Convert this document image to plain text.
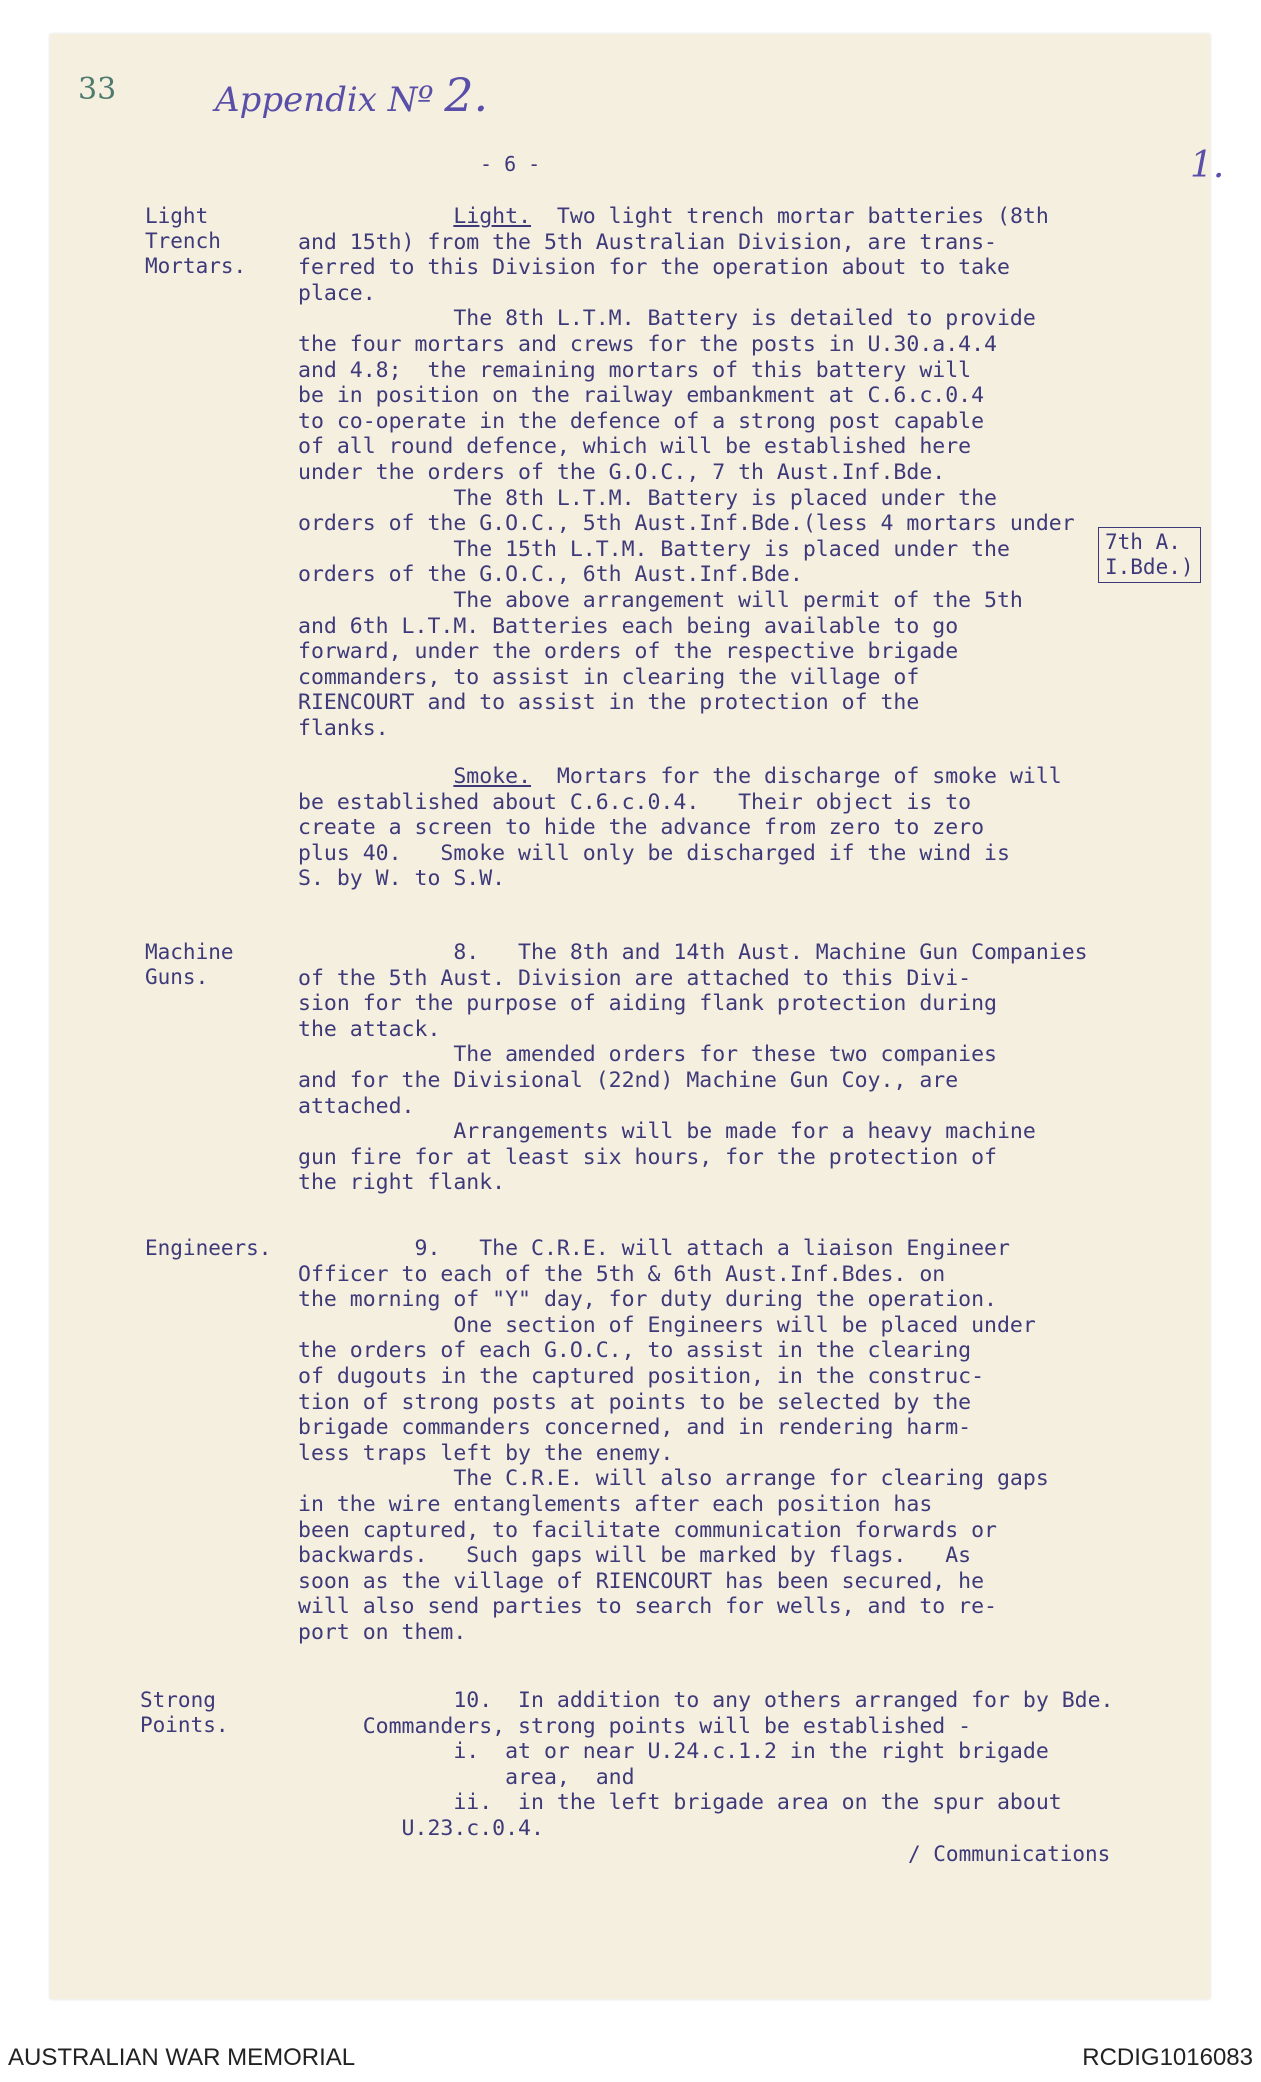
33	Appendix Nº 2.
1.
- 6 -
Light
Trench
Mortars.
Light.  Two light trench mortar batteries (8th
and 15th) from the 5th Australian Division, are trans-
ferred to this Division for the operation about to take
place.
The 8th L.T.M. Battery is detailed to provide
the four mortars and crews for the posts in U.30.a.4.4
and 4.8;  the remaining mortars of this battery will
be in position on the railway embankment at C.6.c.0.4
to co-operate in the defence of a strong post capable
of all round defence, which will be established here
under the orders of the G.O.C., 7 th Aust.Inf.Bde.
The 8th L.T.M. Battery is placed under the
orders of the G.O.C., 5th Aust.Inf.Bde.(less 4 mortars under
The 15th L.T.M. Battery is placed under the
orders of the G.O.C., 6th Aust.Inf.Bde.
The above arrangement will permit of the 5th
and 6th L.T.M. Batteries each being available to go
forward, under the orders of the respective brigade
commanders, to assist in clearing the village of
RIENCOURT and to assist in the protection of the
flanks.
7th A.
I.Bde.)
Smoke.  Mortars for the discharge of smoke will
be established about C.6.c.0.4.   Their object is to
create a screen to hide the advance from zero to zero
plus 40.   Smoke will only be discharged if the wind is
S. by W. to S.W.
Machine
Guns.
8.   The 8th and 14th Aust. Machine Gun Companies
of the 5th Aust. Division are attached to this Divi-
sion for the purpose of aiding flank protection during
the attack.
The amended orders for these two companies
and for the Divisional (22nd) Machine Gun Coy., are
attached.
Arrangements will be made for a heavy machine
gun fire for at least six hours, for the protection of
the right flank.
Engineers. 9.   The C.R.E. will attach a liaison Engineer
Officer to each of the 5th & 6th Aust.Inf.Bdes. on
the morning of "Y" day, for duty during the operation.
One section of Engineers will be placed under
the orders of each G.O.C., to assist in the clearing
of dugouts in the captured position, in the construc-
tion of strong posts at points to be selected by the
brigade commanders concerned, and in rendering harm-
less traps left by the enemy.
The C.R.E. will also arrange for clearing gaps
in the wire entanglements after each position has
been captured, to facilitate communication forwards or
backwards.   Such gaps will be marked by flags.   As
soon as the village of RIENCOURT has been secured, he
will also send parties to search for wells, and to re-
port on them.
Strong
Points.
10.  In addition to any others arranged for by Bde.
Commanders, strong points will be established -
i.  at or near U.24.c.1.2 in the right brigade
area,  and
ii.  in the left brigade area on the spur about
U.23.c.0.4.
/ Communications
AUSTRALIAN WAR MEMORIAL	RCDIG1016083
